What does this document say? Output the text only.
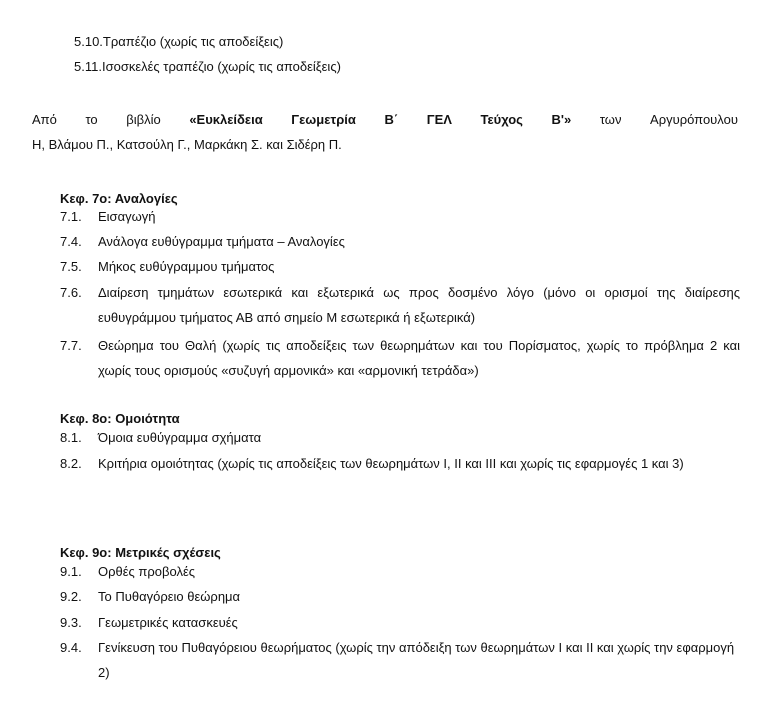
5.10.Τραπέζιο (χωρίς τις αποδείξεις)
5.11.Ισοσκελές τραπέζιο (χωρίς τις αποδείξεις)
Από το βιβλίο «Ευκλείδεια Γεωμετρία Β΄ ΓΕΛ Τεύχος Β'» των Αργυρόπουλου
Η, Βλάμου Π., Κατσούλη Γ., Μαρκάκη Σ. και Σιδέρη Π.
Κεφ. 7ο: Αναλογίες
7.1.	Εισαγωγή
7.4.	Ανάλογα ευθύγραμμα τμήματα – Αναλογίες
7.5.	Μήκος ευθύγραμμου τμήματος
7.6.	Διαίρεση τμημάτων εσωτερικά και εξωτερικά ως προς δοσμένο λόγο (μόνο οι ορισμοί της διαίρεσης ευθυγράμμου τμήματος ΑΒ από σημείο Μ εσωτερικά ή εξωτερικά)
7.7.	Θεώρημα του Θαλή (χωρίς τις αποδείξεις των θεωρημάτων και του Πορίσματος, χωρίς το πρόβλημα 2 και χωρίς τους ορισμούς «συζυγή αρμονικά» και «αρμονική τετράδα»)
Κεφ. 8ο: Ομοιότητα
8.1.	Όμοια ευθύγραμμα σχήματα
8.2.	Κριτήρια ομοιότητας (χωρίς τις αποδείξεις των θεωρημάτων Ι, ΙΙ και ΙΙΙ και χωρίς τις εφαρμογές 1 και 3)
Κεφ. 9ο: Μετρικές σχέσεις
9.1.	Ορθές προβολές
9.2.	Το Πυθαγόρειο θεώρημα
9.3.	Γεωμετρικές κατασκευές
9.4.	Γενίκευση του Πυθαγόρειου θεωρήματος (χωρίς την απόδειξη των θεωρημάτων Ι και ΙΙ και χωρίς την εφαρμογή 2)
